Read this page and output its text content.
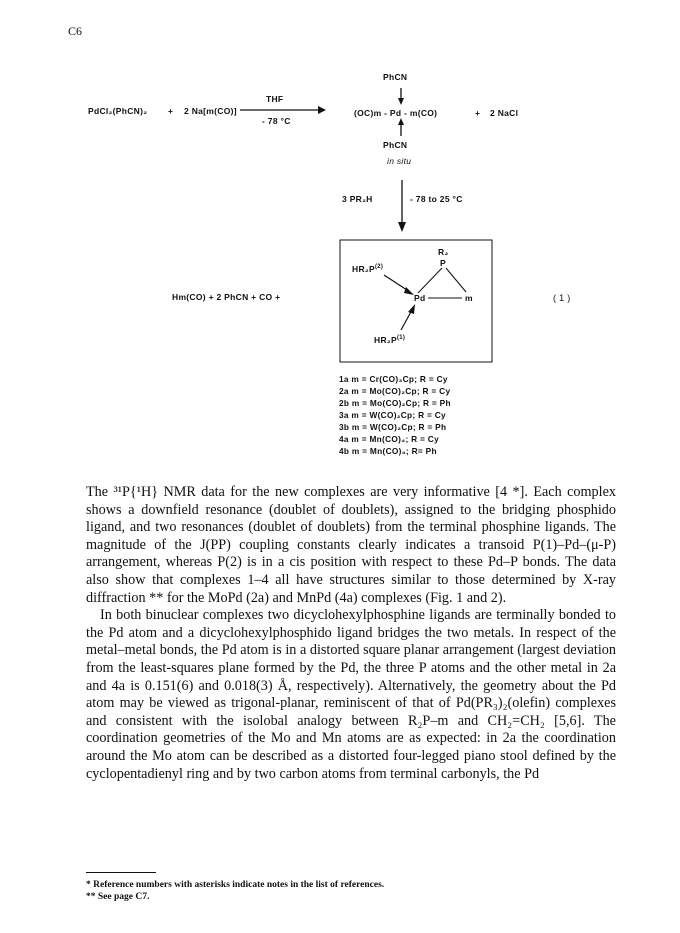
C6
PdCl₂(PhCN)₂ + 2 Na[m(CO)]
THF
- 78 °C
PhCN
(OC)m - Pd - m(CO)	+ 2 NaCl
PhCN
in situ
3 PR₂H	- 78 to 25 °C
Hm(CO) + 2 PhCN + CO +
R₂
P
$HR_2P^{(2)}$
Pd	m
$HR_2P^{(1)}$
( 1 )
1a m = Cr(CO)₃Cp; R = Cy
2a m = Mo(CO)₂Cp; R = Cy
2b m = Mo(CO)₂Cp; R = Ph
3a m = W(CO)₂Cp; R = Cy
3b m = W(CO)₂Cp; R = Ph
4a m = Mn(CO)₄; R = Cy
4b m = Mn(CO)₄; R= Ph

The ³¹P{¹H} NMR data for the new complexes are very informative [4 *]. Each complex shows a downfield resonance (doublet of doublets), assigned to the bridging phosphido ligand, and two resonances (doublet of doublets) from the terminal phosphine ligands. The magnitude of the J(PP) coupling constants clearly indicates a transoid P(1)–Pd–(μ-P) arrangement, whereas P(2) is in a cis position with respect to these Pd–P bonds. The data also show that complexes 1–4 all have structures similar to those determined by X-ray diffraction ** for the MoPd (2a) and MnPd (4a) complexes (Fig. 1 and 2).

In both binuclear complexes two dicyclohexylphosphine ligands are terminally bonded to the Pd atom and a dicyclohexylphosphido ligand bridges the two metals. In respect of the metal–metal bonds, the Pd atom is in a distorted square planar arrangement (largest deviation from the least-squares plane formed by the Pd, the three P atoms and the other metal in 2a and 4a is 0.151(6) and 0.018(3) Å, respectively). Alternatively, the geometry about the Pd atom may be viewed as trigonal-planar, reminiscent of that of Pd(PR₃)₂(olefin) complexes and consistent with the isolobal analogy between R₂P–m and CH₂=CH₂ [5,6]. The coordination geometries of the Mo and Mn atoms are as expected: in 2a the coordination around the Mo atom can be described as a distorted four-legged piano stool defined by the cyclopentadienyl ring and by two carbon atoms from terminal carbonyls, the Pd

* Reference numbers with asterisks indicate notes in the list of references.
** See page C7.
